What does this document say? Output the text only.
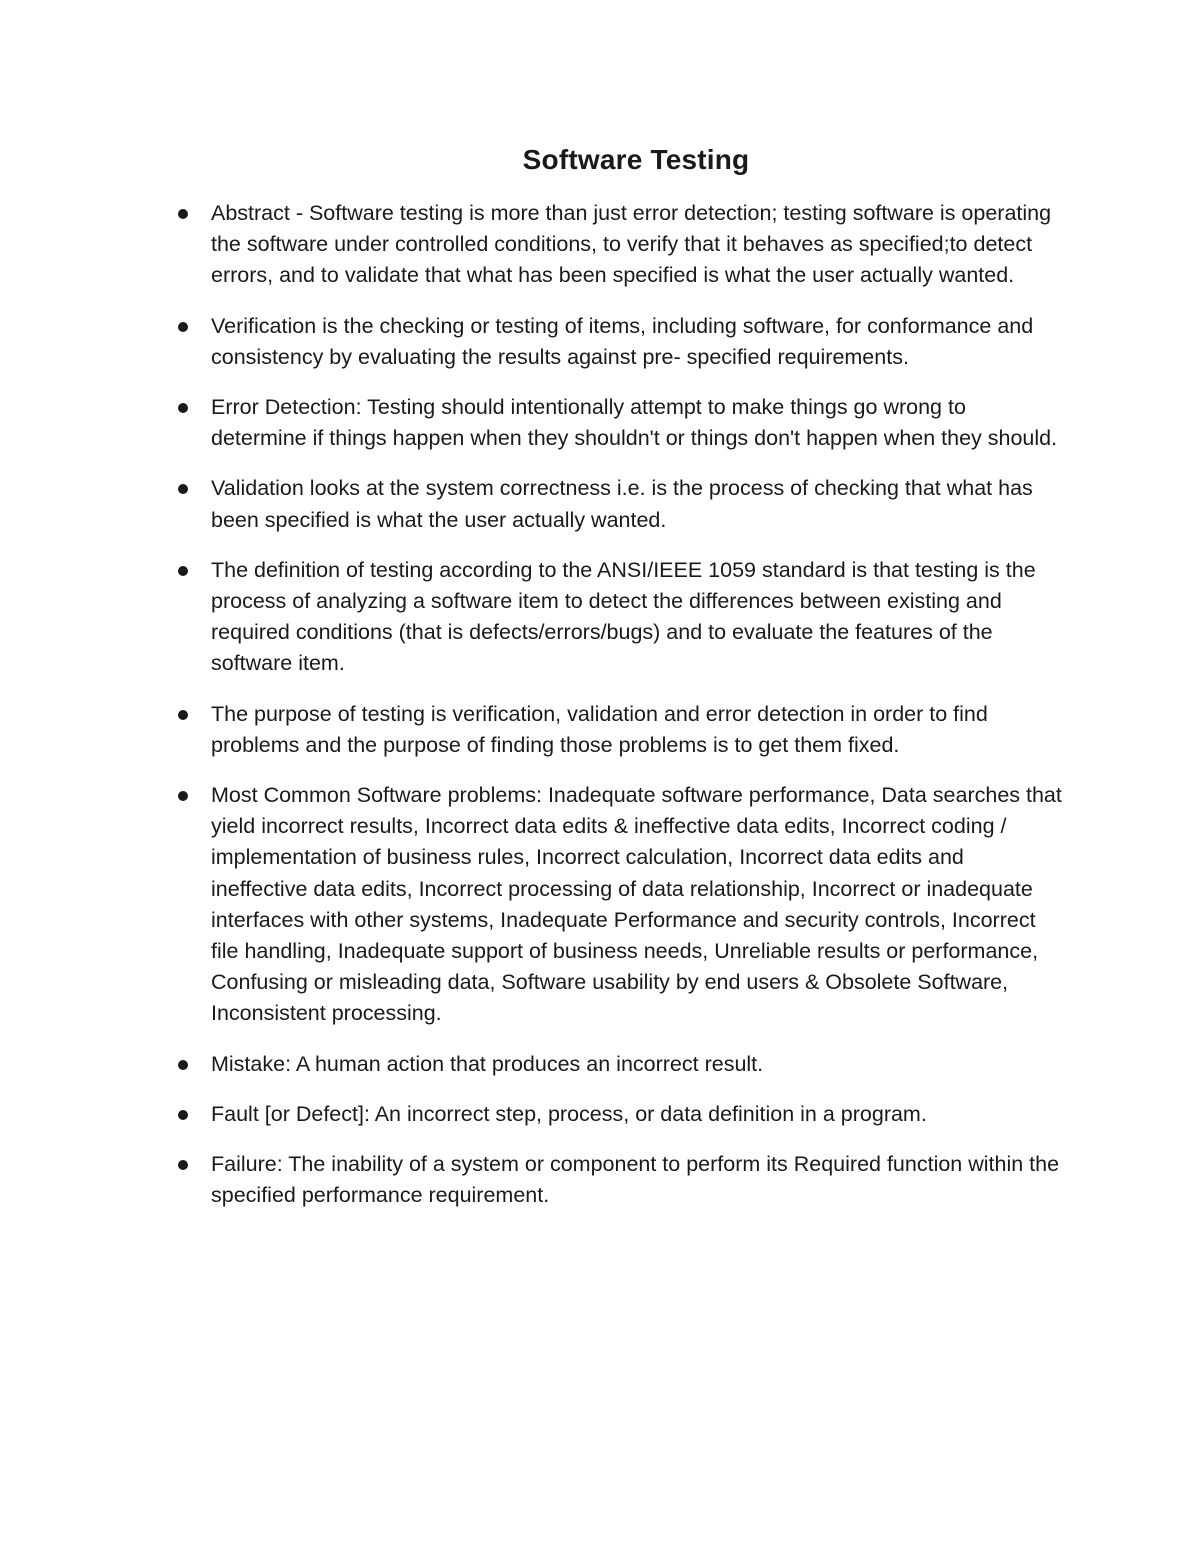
Software Testing
Abstract - Software testing is more than just error detection; testing software is operating the software under controlled conditions, to verify that it behaves as specified;to detect errors, and to validate that what has been specified is what the user actually wanted.
Verification is the checking or testing of items, including software, for conformance and consistency by evaluating the results against pre- specified requirements.
Error Detection: Testing should intentionally attempt to make things go wrong to determine if things happen when they shouldn't or things don't happen when they should.
Validation looks at the system correctness i.e. is the process of checking that what has been specified is what the user actually wanted.
The definition of testing according to the ANSI/IEEE 1059 standard is that testing is the process of analyzing a software item to detect the differences between existing and required conditions (that is defects/errors/bugs) and to evaluate the features of the software item.
The purpose of testing is verification, validation and error detection in order to find problems and the purpose of finding those problems is to get them fixed.
Most Common Software problems: Inadequate software performance, Data searches that yield incorrect results, Incorrect data edits & ineffective data edits, Incorrect coding / implementation of business rules, Incorrect calculation, Incorrect data edits and ineffective data edits, Incorrect processing of data relationship, Incorrect or inadequate interfaces with other systems, Inadequate Performance and security controls, Incorrect file handling, Inadequate support of business needs, Unreliable results or performance, Confusing or misleading data, Software usability by end users & Obsolete Software, Inconsistent processing.
Mistake: A human action that produces an incorrect result.
Fault [or Defect]: An incorrect step, process, or data definition in a program.
Failure: The inability of a system or component to perform its Required function within the specified performance requirement.
